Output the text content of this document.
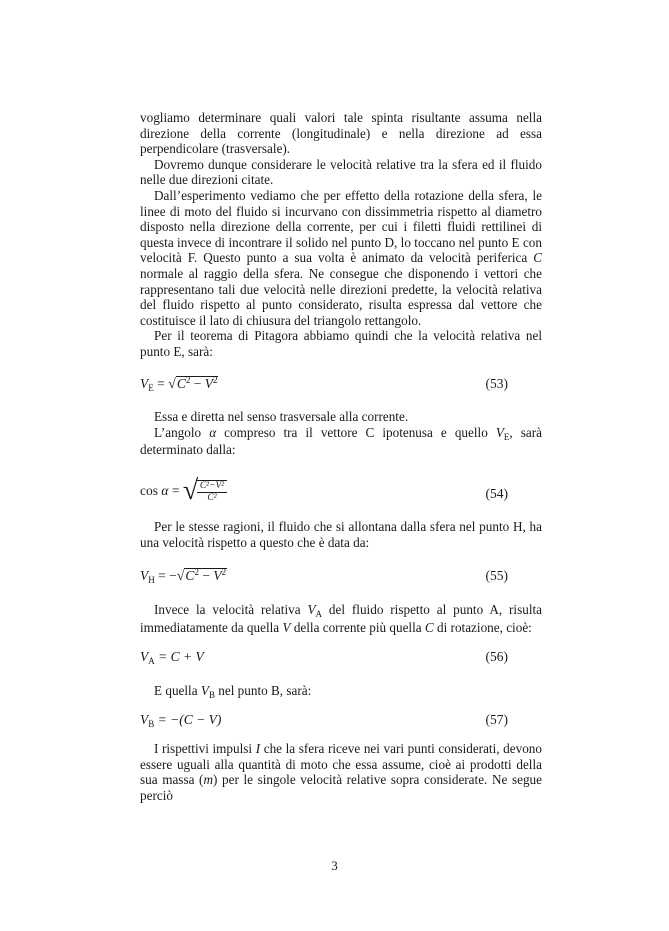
vogliamo determinare quali valori tale spinta risultante assuma nella direzione della corrente (longitudinale) e nella direzione ad essa perpendicolare (trasversale).

Dovremo dunque considerare le velocità relative tra la sfera ed il fluido nelle due direzioni citate.

Dall’esperimento vediamo che per effetto della rotazione della sfera, le linee di moto del fluido si incurvano con dissimmetria rispetto al diametro disposto nella direzione della corrente, per cui i filetti fluidi rettilinei di questa invece di incontrare il solido nel punto D, lo toccano nel punto E con velocità F. Questo punto a sua volta è animato da velocità periferica C normale al raggio della sfera. Ne consegue che disponendo i vettori che rappresentano tali due velocità nelle direzioni predette, la velocità relativa del fluido rispetto al punto considerato, risulta espressa dal vettore che costituisce il lato di chiusura del triangolo rettangolo.

Per il teorema di Pitagora abbiamo quindi che la velocità relativa nel punto E, sarà:

$V_E = √C^2 - V^2$	(53)

Essa e diretta nel senso trasversale alla corrente.

L’angolo α compreso tra il vettore C ipotenusa e quello $V_E$, sarà determinato dalla:

cos α = √
$\frac{\text{C²−V²}}{\text{C²}}$	(54)

Per le stesse ragioni, il fluido che si allontana dalla sfera nel punto H, ha una velocità rispetto a questo che è data da:

$V_H = -√C^2 - V^2$	(55)

Invece la velocità relativa $V_A$ del fluido rispetto al punto A, risulta immediatamente da quella V della corrente più quella C di rotazione, cioè:

$V_A = C + V$	(56)

E quella $V_B$ nel punto B, sarà:

$V_B = -(C - V)$	(57)

I rispettivi impulsi I che la sfera riceve nei vari punti considerati, devono essere uguali alla quantità di moto che essa assume, cioè ai prodotti della sua massa (m) per le singole velocità relative sopra considerate. Ne segue perciò

3
